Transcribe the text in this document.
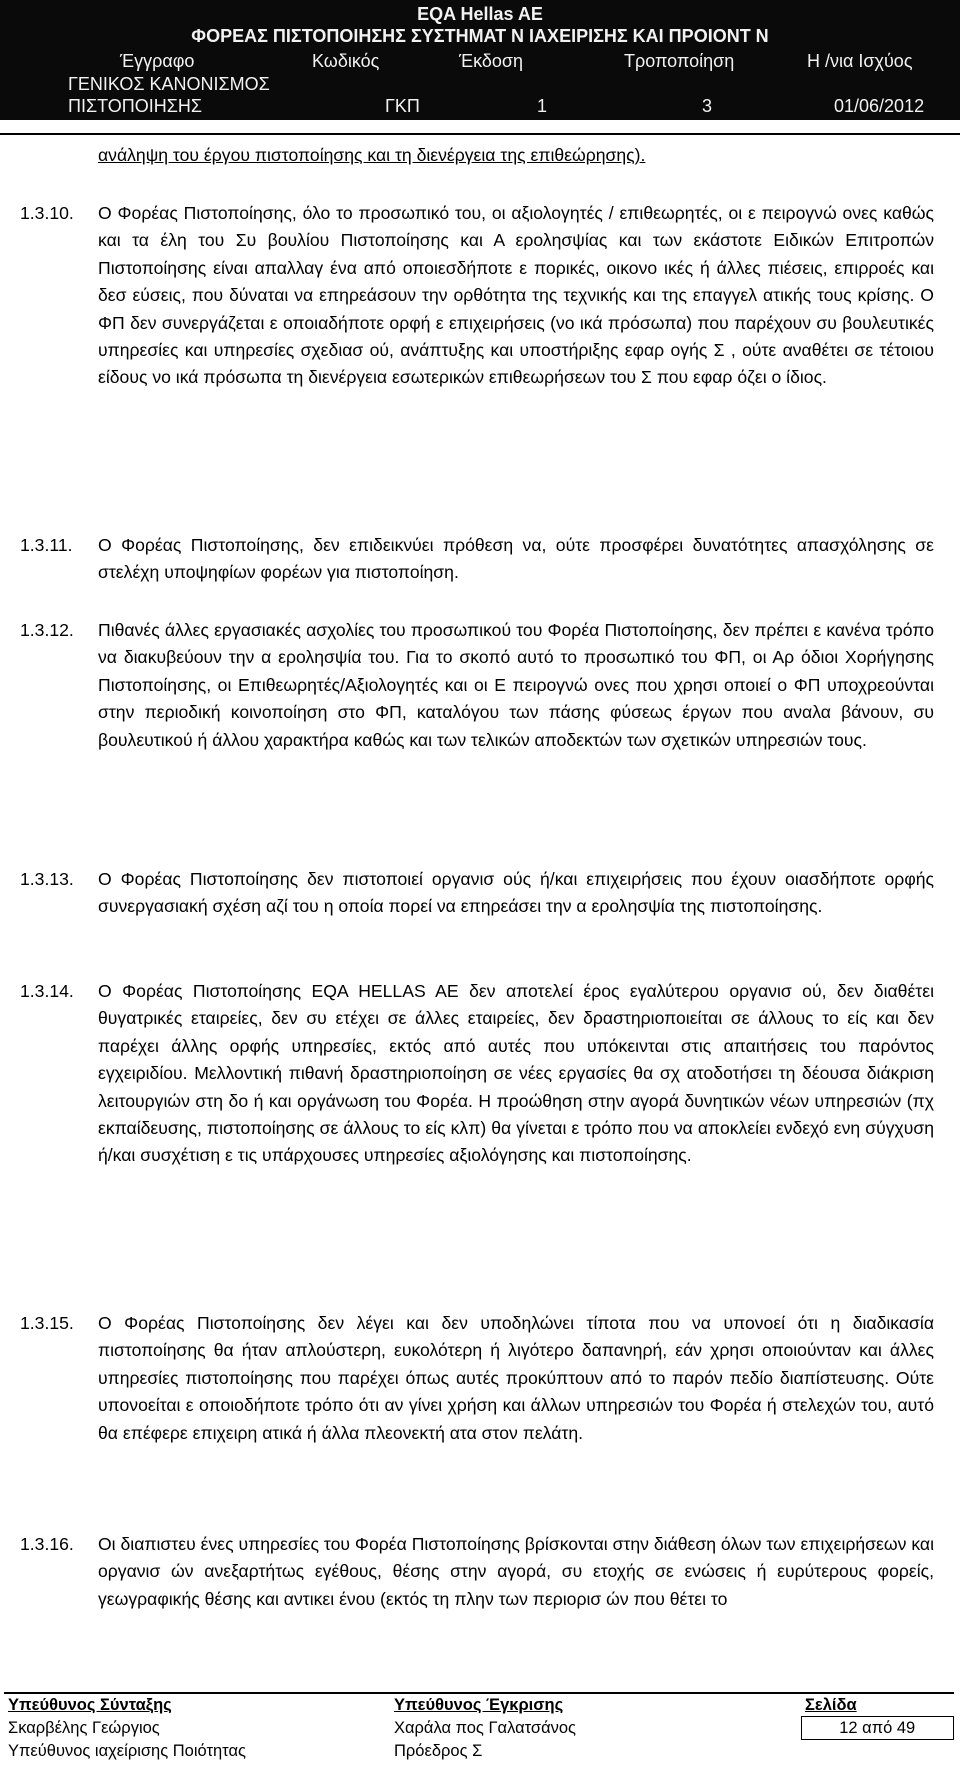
EQA Hellas AE
ΦΟΡΕΑΣ ΠΙΣΤΟΠΟΙΗΣΗΣ ΣΥΣΤΗΜΑΤ Ν ΙΑΧΕΙΡΙΣΗΣ ΚΑΙ ΠΡΟΙΟΝΤ Ν
Έγγραφο	Κωδικός	Έκδοση	Τροποποίηση	Η /νια Ισχύος
ΓΕΝΙΚΟΣ ΚΑΝΟΝΙΣΜΟΣ
ΠΙΣΤΟΠΟΙΗΣΗΣ	ΓΚΠ	1	3	01/06/2012
ανάληψη του έργου πιστοποίησης και τη διενέργεια της επιθεώρησης).
1.3.10. Ο Φορέας Πιστοποίησης, όλο το προσωπικό του, οι αξιολογητές / επιθεωρητές, οι ε πειρογνώ ονες καθώς και τα έλη του Συ βουλίου Πιστοποίησης και Α ερολησψίας και των εκάστοτε Ειδικών Επιτροπών Πιστοποίησης είναι απαλλαγ ένα από οποιεσδήποτε ε πορικές, οικονο ικές ή άλλες πιέσεις, επιρροές και δεσ εύσεις, που δύναται να επηρεάσουν την ορθότητα της τεχνικής και της επαγγελ ατικής τους κρίσης. Ο ΦΠ δεν συνεργάζεται ε οποιαδήποτε ορφή ε επιχειρήσεις (νο ικά πρόσωπα) που παρέχουν συ βουλευτικές υπηρεσίες και υπηρεσίες σχεδιασ ού, ανάπτυξης και υποστήριξης εφαρ ογής Σ , ούτε αναθέτει σε τέτοιου είδους νο ικά πρόσωπα τη διενέργεια εσωτερικών επιθεωρήσεων του Σ που εφαρ όζει ο ίδιος.
1.3.11. Ο Φορέας Πιστοποίησης, δεν επιδεικνύει πρόθεση να, ούτε προσφέρει δυνατότητες απασχόλησης σε στελέχη υποψηφίων φορέων για πιστοποίηση.
1.3.12. Πιθανές άλλες εργασιακές ασχολίες του προσωπικού του Φορέα Πιστοποίησης, δεν πρέπει ε κανένα τρόπο να διακυβεύουν την α ερολησψία του. Για το σκοπό αυτό το προσωπικό του ΦΠ, οι Αρ όδιοι Χορήγησης Πιστοποίησης, οι Επιθεωρητές/Αξιολογητές και οι Ε πειρογνώ ονες που χρησι οποιεί ο ΦΠ υποχρεούνται στην περιοδική κοινοποίηση στο ΦΠ, καταλόγου των πάσης φύσεως έργων που αναλα βάνουν, συ βουλευτικού ή άλλου χαρακτήρα καθώς και των τελικών αποδεκτών των σχετικών υπηρεσιών τους.
1.3.13. Ο Φορέας Πιστοποίησης δεν πιστοποιεί οργανισ ούς ή/και επιχειρήσεις που έχουν οιασδήποτε ορφής συνεργασιακή σχέση αζί του η οποία πορεί να επηρεάσει την α ερολησψία της πιστοποίησης.
1.3.14. Ο Φορέας Πιστοποίησης EQA HELLAS AE δεν αποτελεί έρος εγαλύτερου οργανισ ού, δεν διαθέτει θυγατρικές εταιρείες, δεν συ ετέχει σε άλλες εταιρείες, δεν δραστηριοποιείται σε άλλους το είς και δεν παρέχει άλλης ορφής υπηρεσίες, εκτός από αυτές που υπόκεινται στις απαιτήσεις του παρόντος εγχειριδίου. Μελλοντική πιθανή δραστηριοποίηση σε νέες εργασίες θα σχ ατοδοτήσει τη δέουσα διάκριση λειτουργιών στη δο ή και οργάνωση του Φορέα. Η προώθηση στην αγορά δυνητικών νέων υπηρεσιών (πχ εκπαίδευσης, πιστοποίησης σε άλλους το είς κλπ) θα γίνεται ε τρόπο που να αποκλείει ενδεχό ενη σύγχυση ή/και συσχέτιση ε τις υπάρχουσες υπηρεσίες αξιολόγησης και πιστοποίησης.
1.3.15. Ο Φορέας Πιστοποίησης δεν λέγει και δεν υποδηλώνει τίποτα που να υπονοεί ότι η διαδικασία πιστοποίησης θα ήταν απλούστερη, ευκολότερη ή λιγότερο δαπανηρή, εάν χρησι οποιούνταν και άλλες υπηρεσίες πιστοποίησης που παρέχει όπως αυτές προκύπτουν από το παρόν πεδίο διαπίστευσης. Ούτε υπονοείται ε οποιοδήποτε τρόπο ότι αν γίνει χρήση και άλλων υπηρεσιών του Φορέα ή στελεχών του, αυτό θα επέφερε επιχειρη ατικά ή άλλα πλεονεκτή ατα στον πελάτη.
1.3.16. Οι διαπιστευ ένες υπηρεσίες του Φορέα Πιστοποίησης βρίσκονται στην διάθεση όλων των επιχειρήσεων και οργανισ ών ανεξαρτήτως εγέθους, θέσης στην αγορά, συ ετοχής σε ενώσεις ή ευρύτερους φορείς, γεωγραφικής θέσης και αντικει ένου (εκτός τη πλην των περιορισ ών που θέτει το
Υπεύθυνος Σύνταξης	Υπεύθυνος Έγκρισης	Σελίδα
Σκαρβέλης Γεώργιος	Χαράλα πος Γαλατσάνος	12 από 49
Υπεύθυνος ιαχείρισης Ποιότητας	Πρόεδρος Σ	
